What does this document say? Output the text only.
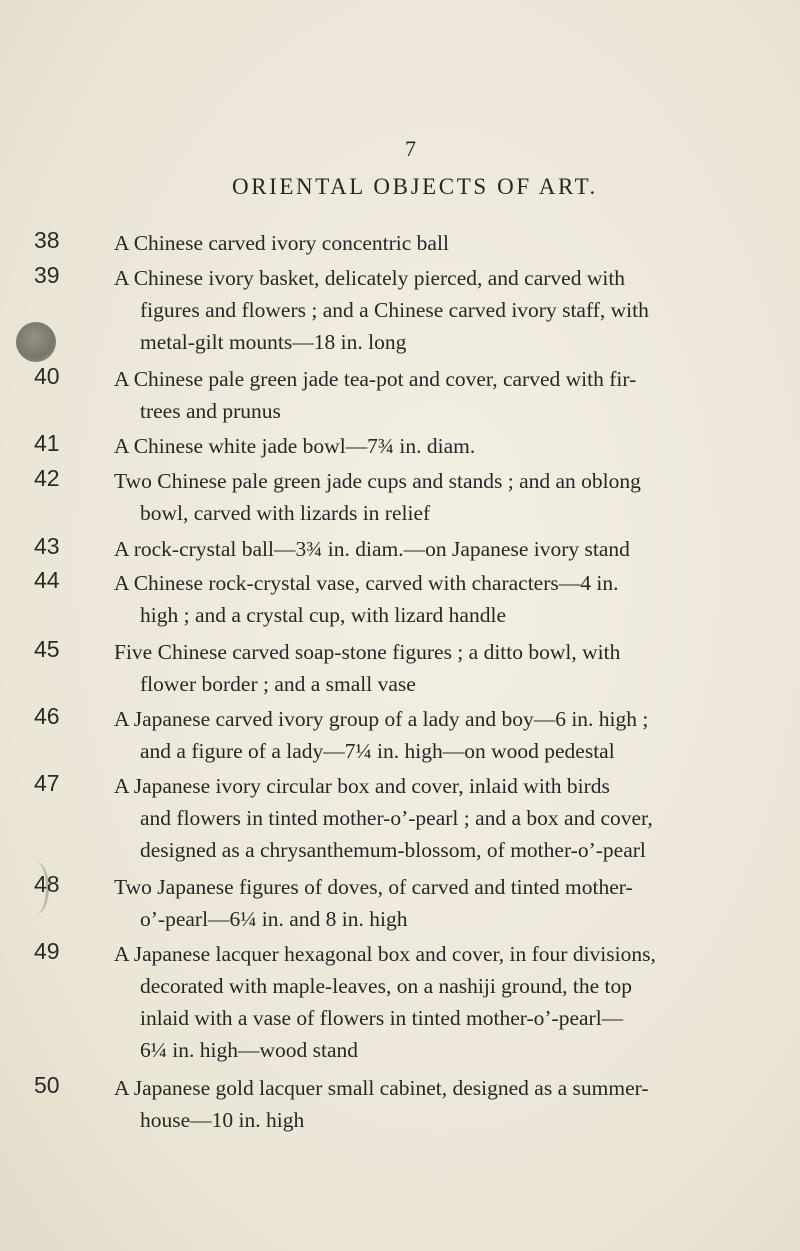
7
ORIENTAL OBJECTS OF ART.
38	A Chinese carved ivory concentric ball
39	A Chinese ivory basket, delicately pierced, and carved with
figures and flowers ; and a Chinese carved ivory staff, with
metal-gilt mounts—18 in. long
40	A Chinese pale green jade tea-pot and cover, carved with fir-
trees and prunus
41	A Chinese white jade bowl—7¾ in. diam.
42	Two Chinese pale green jade cups and stands ; and an oblong
bowl, carved with lizards in relief
43	A rock-crystal ball—3¾ in. diam.—on Japanese ivory stand
44	A Chinese rock-crystal vase, carved with characters—4 in.
high ; and a crystal cup, with lizard handle
45	Five Chinese carved soap-stone figures ; a ditto bowl, with
flower border ; and a small vase
46	A Japanese carved ivory group of a lady and boy—6 in. high ;
and a figure of a lady—7¼ in. high—on wood pedestal
47	A Japanese ivory circular box and cover, inlaid with birds
and flowers in tinted mother-o’-pearl ; and a box and cover,
designed as a chrysanthemum-blossom, of mother-o’-pearl
48	Two Japanese figures of doves, of carved and tinted mother-
o’-pearl—6¼ in. and 8 in. high
49	A Japanese lacquer hexagonal box and cover, in four divisions,
decorated with maple-leaves, on a nashiji ground, the top
inlaid with a vase of flowers in tinted mother-o’-pearl—
6¼ in. high—wood stand
50	A Japanese gold lacquer small cabinet, designed as a summer-
house—10 in. high
